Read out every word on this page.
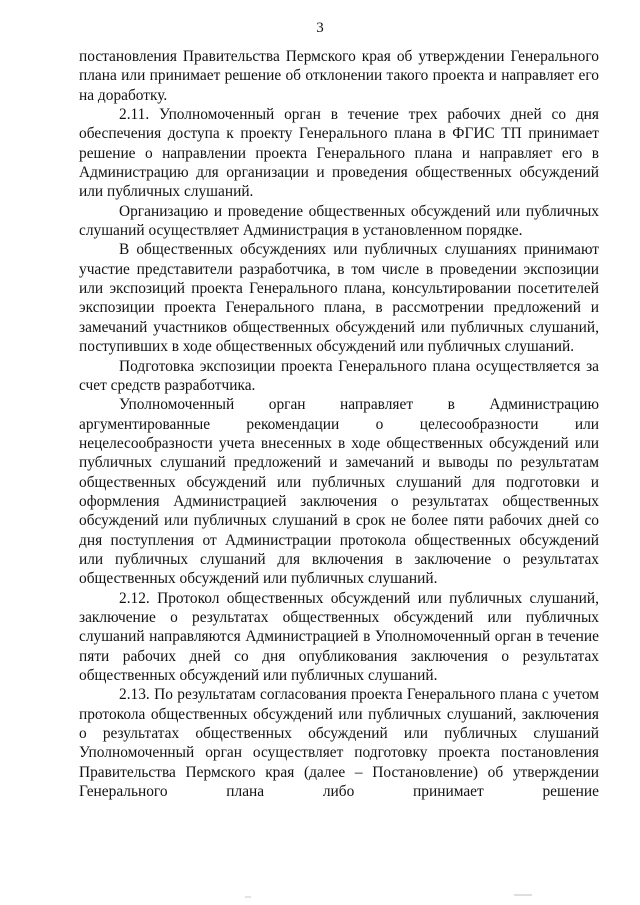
3

постановления Правительства Пермского края об утверждении Генерального плана или принимает решение об отклонении такого проекта и направляет его на доработку.

2.11. Уполномоченный орган в течение трех рабочих дней со дня обеспечения доступа к проекту Генерального плана в ФГИС ТП принимает решение о направлении проекта Генерального плана и направляет его в Администрацию для организации и проведения общественных обсуждений или публичных слушаний.

Организацию и проведение общественных обсуждений или публичных слушаний осуществляет Администрация в установленном порядке.

В общественных обсуждениях или публичных слушаниях принимают участие представители разработчика, в том числе в проведении экспозиции или экспозиций проекта Генерального плана, консультировании посетителей экспозиции проекта Генерального плана, в рассмотрении предложений и замечаний участников общественных обсуждений или публичных слушаний, поступивших в ходе общественных обсуждений или публичных слушаний.

Подготовка экспозиции проекта Генерального плана осуществляется за счет средств разработчика.

Уполномоченный орган направляет в Администрацию аргументированные рекомендации о целесообразности или нецелесообразности учета внесенных в ходе общественных обсуждений или публичных слушаний предложений и замечаний и выводы по результатам общественных обсуждений или публичных слушаний для подготовки и оформления Администрацией заключения о результатах общественных обсуждений или публичных слушаний в срок не более пяти рабочих дней со дня поступления от Администрации протокола общественных обсуждений или публичных слушаний для включения в заключение о результатах общественных обсуждений или публичных слушаний.

2.12. Протокол общественных обсуждений или публичных слушаний, заключение о результатах общественных обсуждений или публичных слушаний направляются Администрацией в Уполномоченный орган в течение пяти рабочих дней со дня опубликования заключения о результатах общественных обсуждений или публичных слушаний.

2.13. По результатам согласования проекта Генерального плана с учетом протокола общественных обсуждений или публичных слушаний, заключения о результатах общественных обсуждений или публичных слушаний Уполномоченный орган осуществляет подготовку проекта постановления Правительства Пермского края (далее – Постановление) об утверждении Генерального плана либо принимает решение
